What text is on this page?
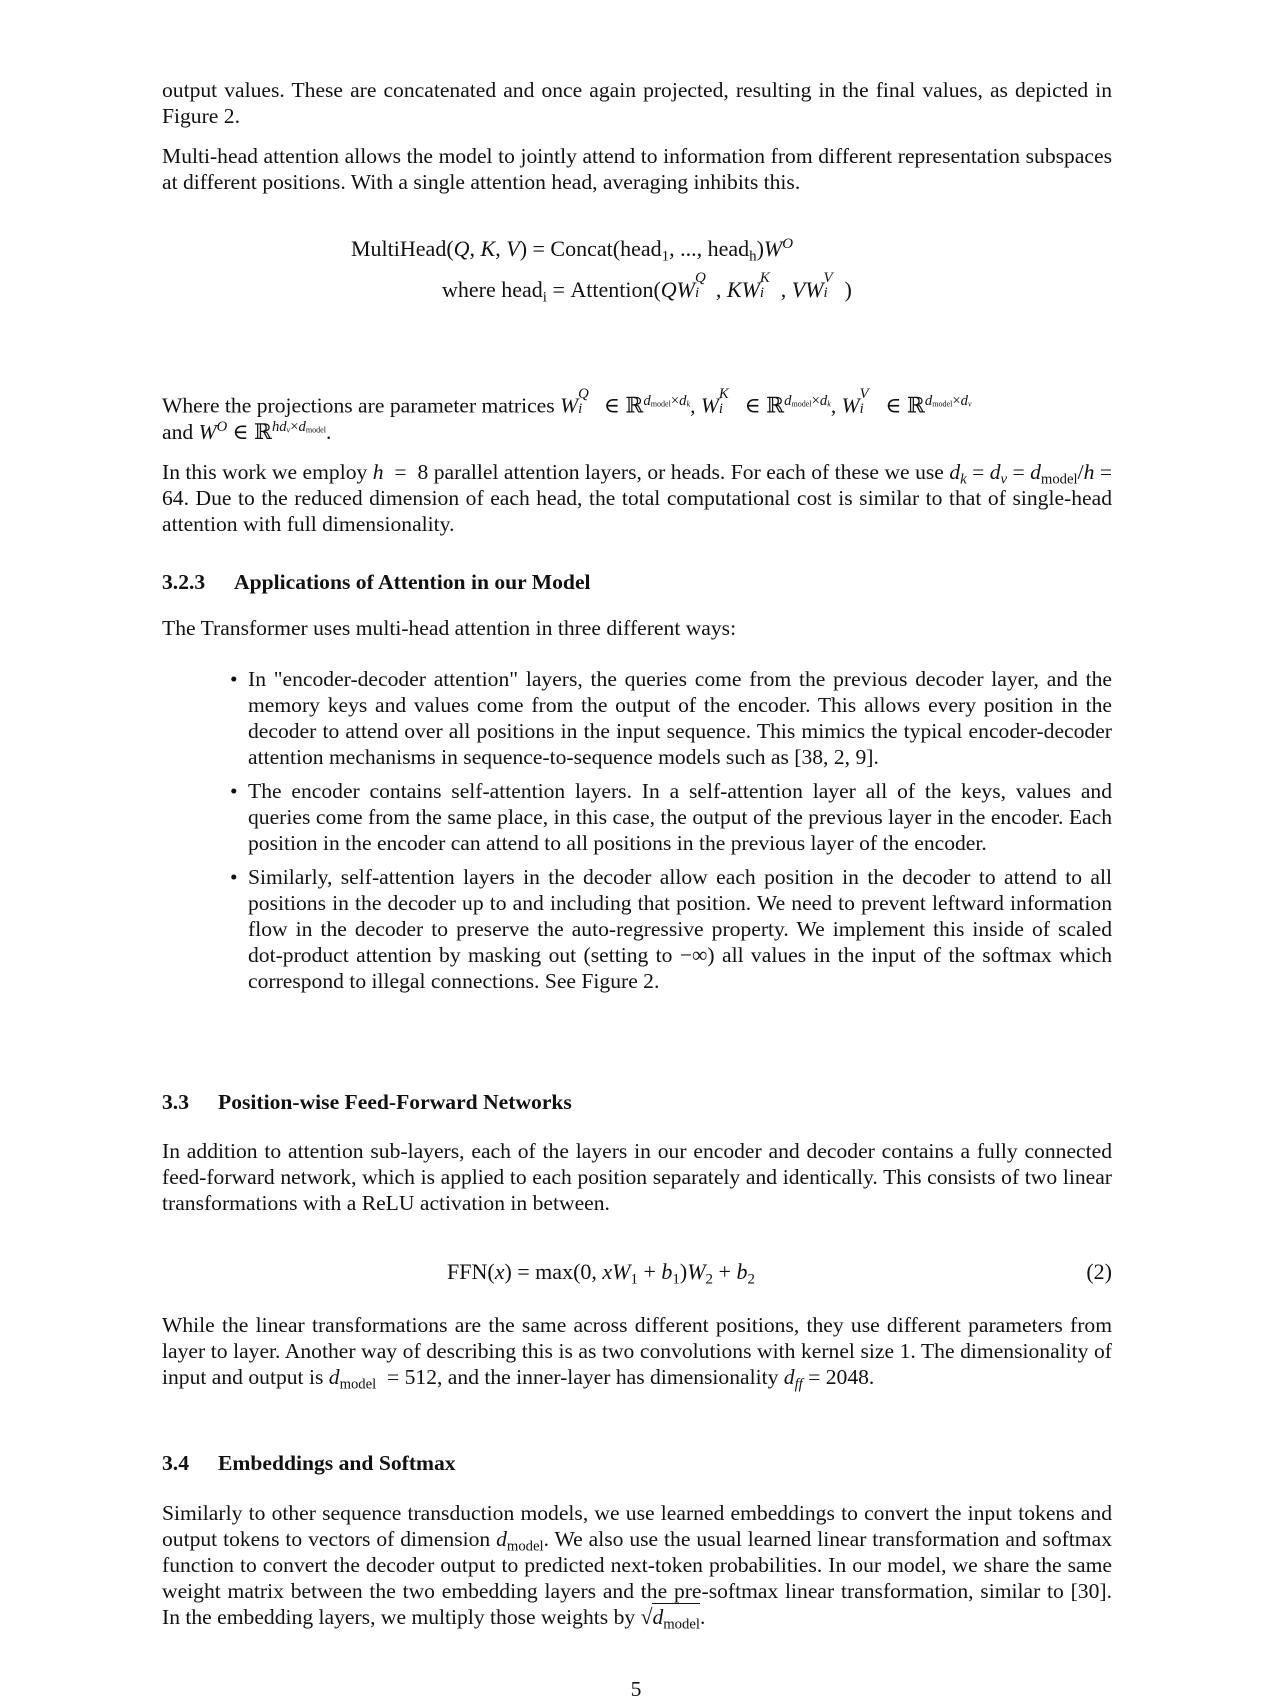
output values. These are concatenated and once again projected, resulting in the final values, as depicted in Figure 2.

Multi-head attention allows the model to jointly attend to information from different representation subspaces at different positions. With a single attention head, averaging inhibits this.

MultiHead(Q, K, V) = Concat(head$_1$, ..., $head_h)W^O$
where head$_i$ = Attention(QW Q
i , KW K
i , VW V
i )

Where the projections are parameter matrices W Q
i ∈ ℝ$^{dmodel\times dk}$, W K
i ∈ ℝ$^{dmodel\times dk}$, W V
i ∈ ℝ$^{dmodel\times dv}$

and $W^O$ ∈ ℝ$^{hdv\times dmodel}$.

In this work we employ h  =  8 parallel attention layers, or heads. For each of these we use $d_k = d_v = d_{model}/h = 64$. Due to the reduced dimension of each head, the total computational cost is similar to that of single-head attention with full dimensionality.

3.2.3 Applications of Attention in our Model

The Transformer uses multi-head attention in three different ways:

• In "encoder-decoder attention" layers, the queries come from the previous decoder layer, and the memory keys and values come from the output of the encoder. This allows every position in the decoder to attend over all positions in the input sequence. This mimics the typical encoder-decoder attention mechanisms in sequence-to-sequence models such as [38, 2, 9].
• The encoder contains self-attention layers. In a self-attention layer all of the keys, values and queries come from the same place, in this case, the output of the previous layer in the encoder. Each position in the encoder can attend to all positions in the previous layer of the encoder.
• Similarly, self-attention layers in the decoder allow each position in the decoder to attend to all positions in the decoder up to and including that position. We need to prevent leftward information flow in the decoder to preserve the auto-regressive property. We implement this inside of scaled dot-product attention by masking out (setting to −∞) all values in the input of the softmax which correspond to illegal connections. See Figure 2.
3.3 Position-wise Feed-Forward Networks

In addition to attention sub-layers, each of the layers in our encoder and decoder contains a fully connected feed-forward network, which is applied to each position separately and identically. This consists of two linear transformations with a ReLU activation in between.

FFN(x) = max(0, $xW_1 + b_1)W_2 + b_2$	(2)

While the linear transformations are the same across different positions, they use different parameters from layer to layer. Another way of describing this is as two convolutions with kernel size 1. The dimensionality of input and output is $d_{model} = 512$, and the inner-layer has dimensionality $d_{ff} = 2048$.

3.4 Embeddings and Softmax

Similarly to other sequence transduction models, we use learned embeddings to convert the input tokens and output tokens to vectors of dimension $d_{model}$. We also use the usual learned linear transformation and softmax function to convert the decoder output to predicted next-token probabilities. In our model, we share the same weight matrix between the two embedding layers and the pre-softmax linear transformation, similar to [30]. In the embedding layers, we multiply those weights by $√d_{model}$.

5
